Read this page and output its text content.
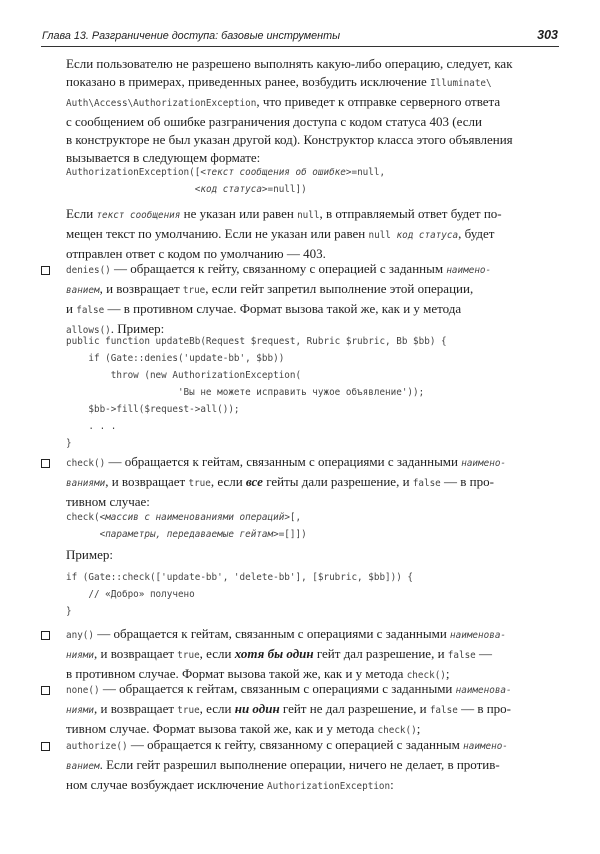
Глава 13. Разграничение доступа: базовые инструменты	303
Если пользователю не разрешено выполнять какую-либо операцию, следует, как
показано в примерах, приведенных ранее, возбудить исключение Illuminate\
Auth\Access\AuthorizationException, что приведет к отправке серверного ответа
с сообщением об ошибке разграничения доступа с кодом статуса 403 (если
в конструкторе не был указан другой код). Конструктор класса этого объявления
вызывается в следующем формате:
AuthorizationException([<текст сообщения об ошибке>=null,
<код статуса>=null])
Если текст сообщения не указан или равен null, в отправляемый ответ будет по-
мещен текст по умолчанию. Если не указан или равен null код статуса, будет
отправлен ответ с кодом по умолчанию — 403.
denies() — обращается к гейту, связанному с операцией с заданным наимено-
ванием, и возвращает true, если гейт запретил выполнение этой операции,
и false — в противном случае. Формат вызова такой же, как и у метода
allows(). Пример:
public function updateBb(Request $request, Rubric $rubric, Bb $bb) {
if (Gate::denies('update-bb', $bb))
throw (new AuthorizationException(
'Вы не можете исправить чужое объявление'));
$bb->fill($request->all());
. . .
}
check() — обращается к гейтам, связанным с операциями с заданными наимено-
ваниями, и возвращает true, если все гейты дали разрешение, и false — в про-
тивном случае:
check(<массив с наименованиями операций>[,
<параметры, передаваемые гейтам>=[]])
Пример:
if (Gate::check(['update-bb', 'delete-bb'], [$rubric, $bb])) {
// «Добро» получено
}
any() — обращается к гейтам, связанным с операциями с заданными наименова-
ниями, и возвращает true, если хотя бы один гейт дал разрешение, и false —
в противном случае. Формат вызова такой же, как и у метода check();
none() — обращается к гейтам, связанным с операциями с заданными наименова-
ниями, и возвращает true, если ни один гейт не дал разрешение, и false — в про-
тивном случае. Формат вызова такой же, как и у метода check();
authorize() — обращается к гейту, связанному с операцией с заданным наимено-
ванием. Если гейт разрешил выполнение операции, ничего не делает, в против-
ном случае возбуждает исключение AuthorizationException:
